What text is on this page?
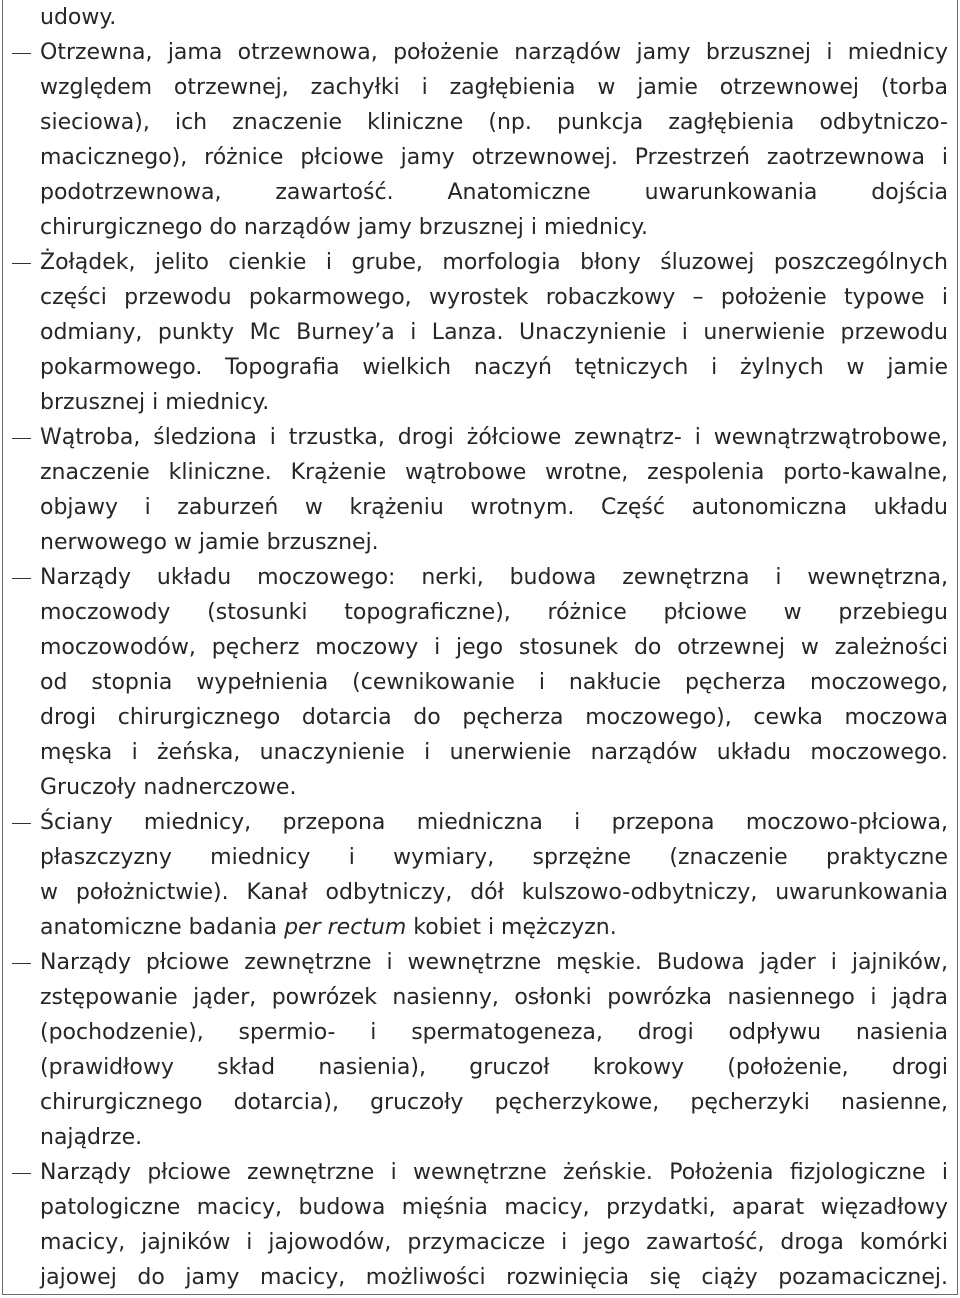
udowy.
Otrzewna, jama otrzewnowa, położenie narządów jamy brzusznej i miednicy
względem otrzewnej, zachyłki i zagłębienia w jamie otrzewnowej (torba
sieciowa), ich znaczenie kliniczne (np. punkcja zagłębienia odbytniczo-
macicznego), różnice płciowe jamy otrzewnowej. Przestrzeń zaotrzewnowa i
podotrzewnowa, zawartość. Anatomiczne uwarunkowania dojścia
chirurgicznego do narządów jamy brzusznej i miednicy.
Żołądek, jelito cienkie i grube, morfologia błony śluzowej poszczególnych
części przewodu pokarmowego, wyrostek robaczkowy – położenie typowe i
odmiany, punkty Mc Burney’a i Lanza. Unaczynienie i unerwienie przewodu
pokarmowego. Topografia wielkich naczyń tętniczych i żylnych w jamie
brzusznej i miednicy.
Wątroba, śledziona i trzustka, drogi żółciowe zewnątrz- i wewnątrzwątrobowe,
znaczenie kliniczne. Krążenie wątrobowe wrotne, zespolenia porto-kawalne,
objawy i zaburzeń w krążeniu wrotnym. Część autonomiczna układu
nerwowego w jamie brzusznej.
Narządy układu moczowego: nerki, budowa zewnętrzna i wewnętrzna,
moczowody (stosunki topograficzne), różnice płciowe w przebiegu
moczowodów, pęcherz moczowy i jego stosunek do otrzewnej w zależności
od stopnia wypełnienia (cewnikowanie i nakłucie pęcherza moczowego,
drogi chirurgicznego dotarcia do pęcherza moczowego), cewka moczowa
męska i żeńska, unaczynienie i unerwienie narządów układu moczowego.
Gruczoły nadnerczowe.
Ściany miednicy, przepona miedniczna i przepona moczowo-płciowa,
płaszczyzny miednicy i wymiary, sprzężne (znaczenie praktyczne
w położnictwie). Kanał odbytniczy, dół kulszowo-odbytniczy, uwarunkowania
anatomiczne badania per rectum kobiet i mężczyzn.
Narządy płciowe zewnętrzne i wewnętrzne męskie. Budowa jąder i jajników,
zstępowanie jąder, powrózek nasienny, osłonki powrózka nasiennego i jądra
(pochodzenie), spermio- i spermatogeneza, drogi odpływu nasienia
(prawidłowy skład nasienia), gruczoł krokowy (położenie, drogi
chirurgicznego dotarcia), gruczoły pęcherzykowe, pęcherzyki nasienne,
najądrze.
Narządy płciowe zewnętrzne i wewnętrzne żeńskie. Położenia fizjologiczne i
patologiczne macicy, budowa mięśnia macicy, przydatki, aparat więzadłowy
macicy, jajników i jajowodów, przymacicze i jego zawartość, droga komórki
jajowej do jamy macicy, możliwości rozwinięcia się ciąży pozamacicznej.
